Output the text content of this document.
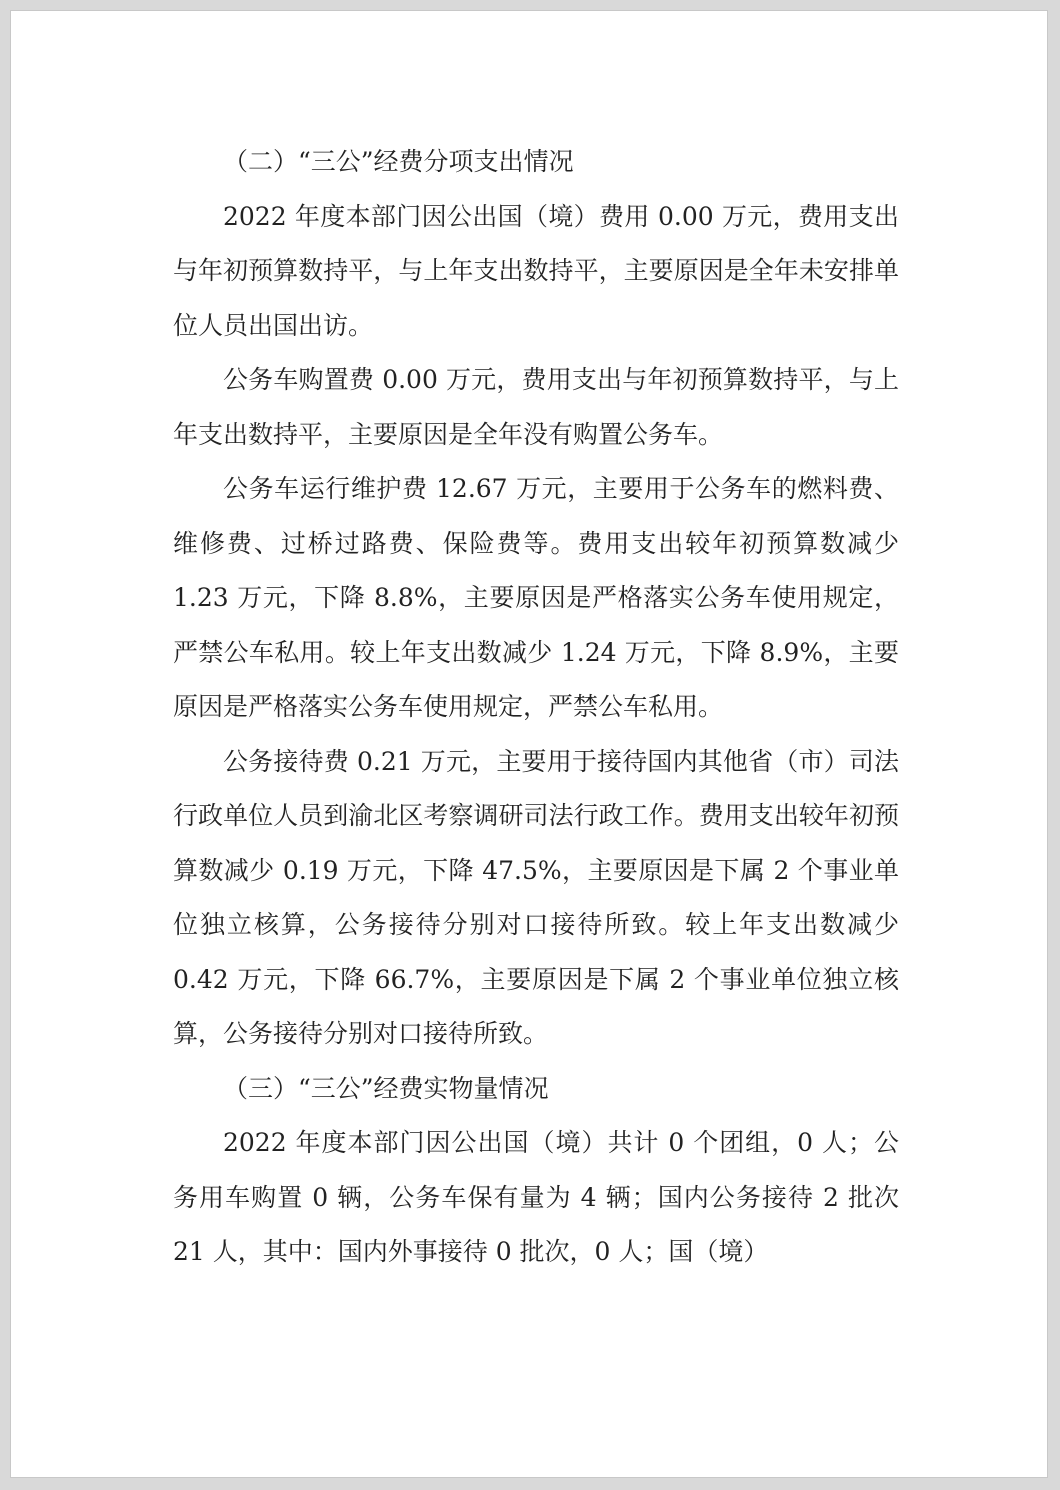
（二）“三公”经费分项支出情况

2022 年度本部门因公出国（境）费用 0.00 万元，费用支出与年初预算数持平，与上年支出数持平，主要原因是全年未安排单位人员出国出访。

公务车购置费 0.00 万元，费用支出与年初预算数持平，与上年支出数持平，主要原因是全年没有购置公务车。

公务车运行维护费 12.67 万元，主要用于公务车的燃料费、维修费、过桥过路费、保险费等。费用支出较年初预算数减少 1.23 万元，下降 8.8%，主要原因是严格落实公务车使用规定，严禁公车私用。较上年支出数减少 1.24 万元，下降 8.9%，主要原因是严格落实公务车使用规定，严禁公车私用。

公务接待费 0.21 万元，主要用于接待国内其他省（市）司法行政单位人员到渝北区考察调研司法行政工作。费用支出较年初预算数减少 0.19 万元，下降 47.5%，主要原因是下属 2 个事业单位独立核算，公务接待分别对口接待所致。较上年支出数减少 0.42 万元，下降 66.7%，主要原因是下属 2 个事业单位独立核算，公务接待分别对口接待所致。

（三）“三公”经费实物量情况

2022 年度本部门因公出国（境）共计 0 个团组，0 人；公务用车购置 0 辆，公务车保有量为 4 辆；国内公务接待 2 批次 21 人，其中：国内外事接待 0 批次，0 人；国（境）
